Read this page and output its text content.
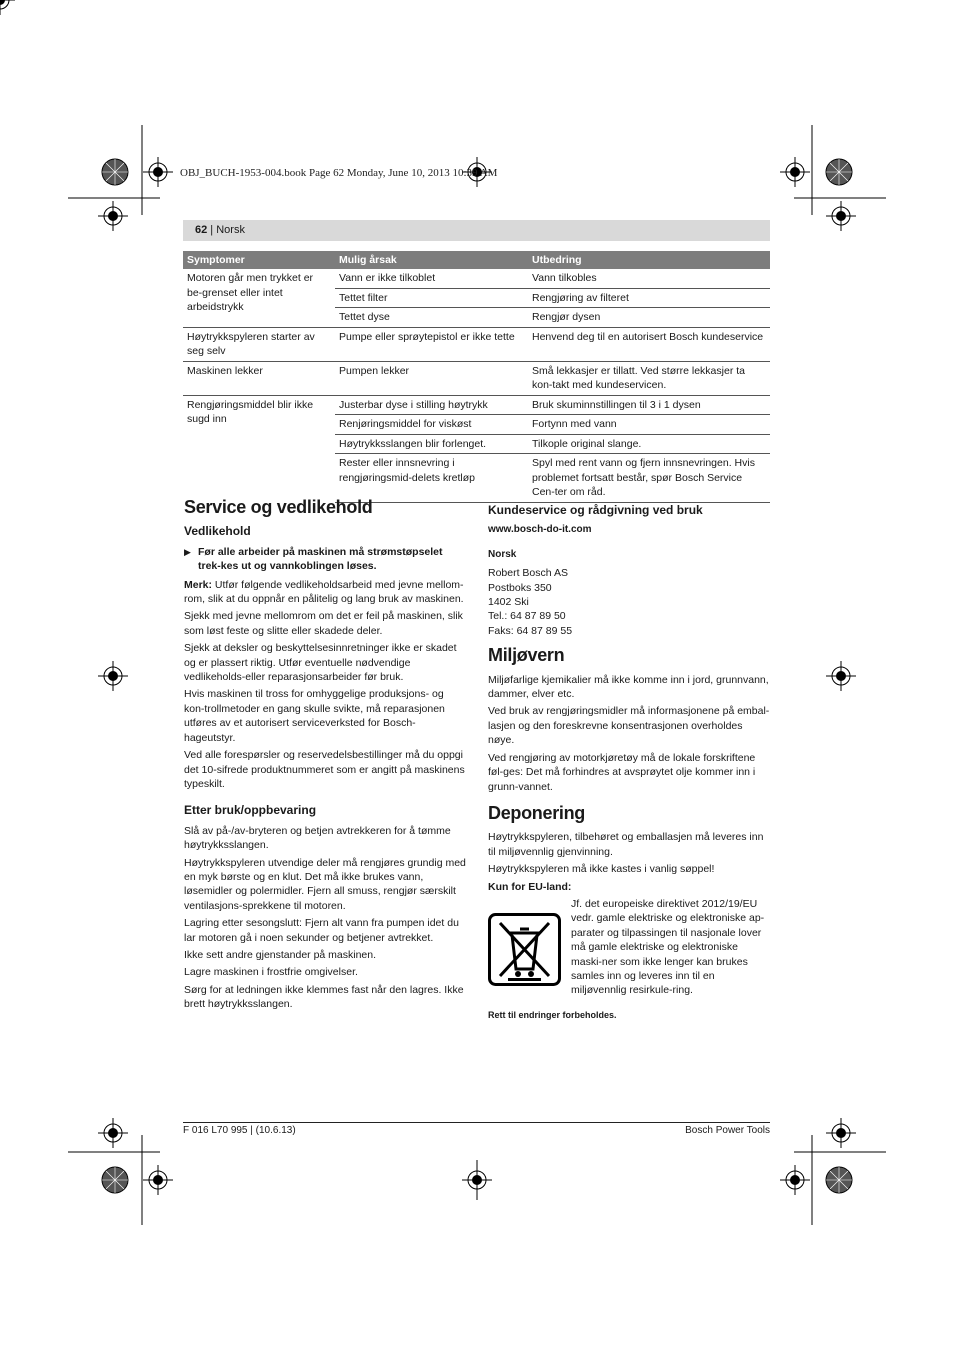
OBJ_BUCH-1953-004.book Page 62 Monday, June 10, 2013 10:39 AM
62 | Norsk
Symptomer	Mulig årsak	Utbedring
Motoren går men trykket er be-grenset eller intet arbeidstrykk	Vann er ikke tilkoblet	Vann tilkobles
	Tettet filter	Rengjøring av filteret
	Tettet dyse	Rengjør dysen
Høytrykkspyleren starter av seg selv	Pumpe eller sprøytepistol er ikke tette	Henvend deg til en autorisert Bosch kundeservice
Maskinen lekker	Pumpen lekker	Små lekkasjer er tillatt. Ved større lekkasjer ta kon-takt med kundeservicen.
Rengjøringsmiddel blir ikke sugd inn	Justerbar dyse i stilling høytrykk	Bruk skuminnstillingen til 3 i 1 dysen
	Renjøringsmiddel for viskøst	Fortynn med vann
	Høytrykksslangen blir forlenget.	Tilkople original slange.
	Rester eller innsnevring i rengjøringsmid-delets kretløp	Spyl med rent vann og fjern innsnevringen. Hvis problemet fortsatt består, spør Bosch Service Cen-ter om råd.
Service og vedlikehold
Vedlikehold
▶ Før alle arbeider på maskinen må strømstøpselet trek-kes ut og vannkoblingen løses.

Merk: Utfør følgende vedlikeholdsarbeid med jevne mellom-rom, slik at du oppnår en pålitelig og lang bruk av maskinen.

Sjekk med jevne mellomrom om det er feil på maskinen, slik som løst feste og slitte eller skadede deler.

Sjekk at deksler og beskyttelsesinnretninger ikke er skadet og er plassert riktig. Utfør eventuelle nødvendige vedlikeholds-eller reparasjonsarbeider før bruk.

Hvis maskinen til tross for omhyggelige produksjons- og kon-trollmetoder en gang skulle svikte, må reparasjonen utføres av et autorisert serviceverksted for Bosch-hageutstyr.

Ved alle forespørsler og reservedelsbestillinger må du oppgi det 10-sifrede produktnummeret som er angitt på maskinens typeskilt.

Etter bruk/oppbevaring

Slå av på-/av-bryteren og betjen avtrekkeren for å tømme høytrykksslangen.

Høytrykkspyleren utvendige deler må rengjøres grundig med en myk børste og en klut. Det må ikke brukes vann, løsemidler og polermidler. Fjern all smuss, rengjør særskilt ventilasjons-sprekkene til motoren.

Lagring etter sesongslutt: Fjern alt vann fra pumpen idet du lar motoren gå i noen sekunder og betjener avtrekket.

Ikke sett andre gjenstander på maskinen.

Lagre maskinen i frostfrie omgivelser.

Sørg for at ledningen ikke klemmes fast når den lagres. Ikke brett høytrykksslangen.

Kundeservice og rådgivning ved bruk

www.bosch-do-it.com

Norsk

Robert Bosch AS
Postboks 350
1402 Ski
Tel.: 64 87 89 50
Faks: 64 87 89 55
Miljøvern

Miljøfarlige kjemikalier må ikke komme inn i jord, grunnvann, dammer, elver etc.

Ved bruk av rengjøringsmidler må informasjonene på embal-lasjen og den foreskrevne konsentrasjonen overholdes nøye.

Ved rengjøring av motorkjøretøy må de lokale forskriftene føl-ges: Det må forhindres at avsprøytet olje kommer inn i grunn-vannet.

Deponering

Høytrykkspyleren, tilbehøret og emballasjen må leveres inn til miljøvennlig gjenvinning.

Høytrykkspyleren må ikke kastes i vanlig søppel!

Kun for EU-land:

Jf. det europeiske direktivet 2012/19/EU vedr. gamle elektriske og elektroniske ap-parater og tilpassingen til nasjonale lover må gamle elektriske og elektroniske maski-ner som ikke lenger kan brukes samles inn og leveres inn til en miljøvennlig resirkule-ring.

Rett til endringer forbeholdes.

F 016 L70 995 | (10.6.13)	Bosch Power Tools
